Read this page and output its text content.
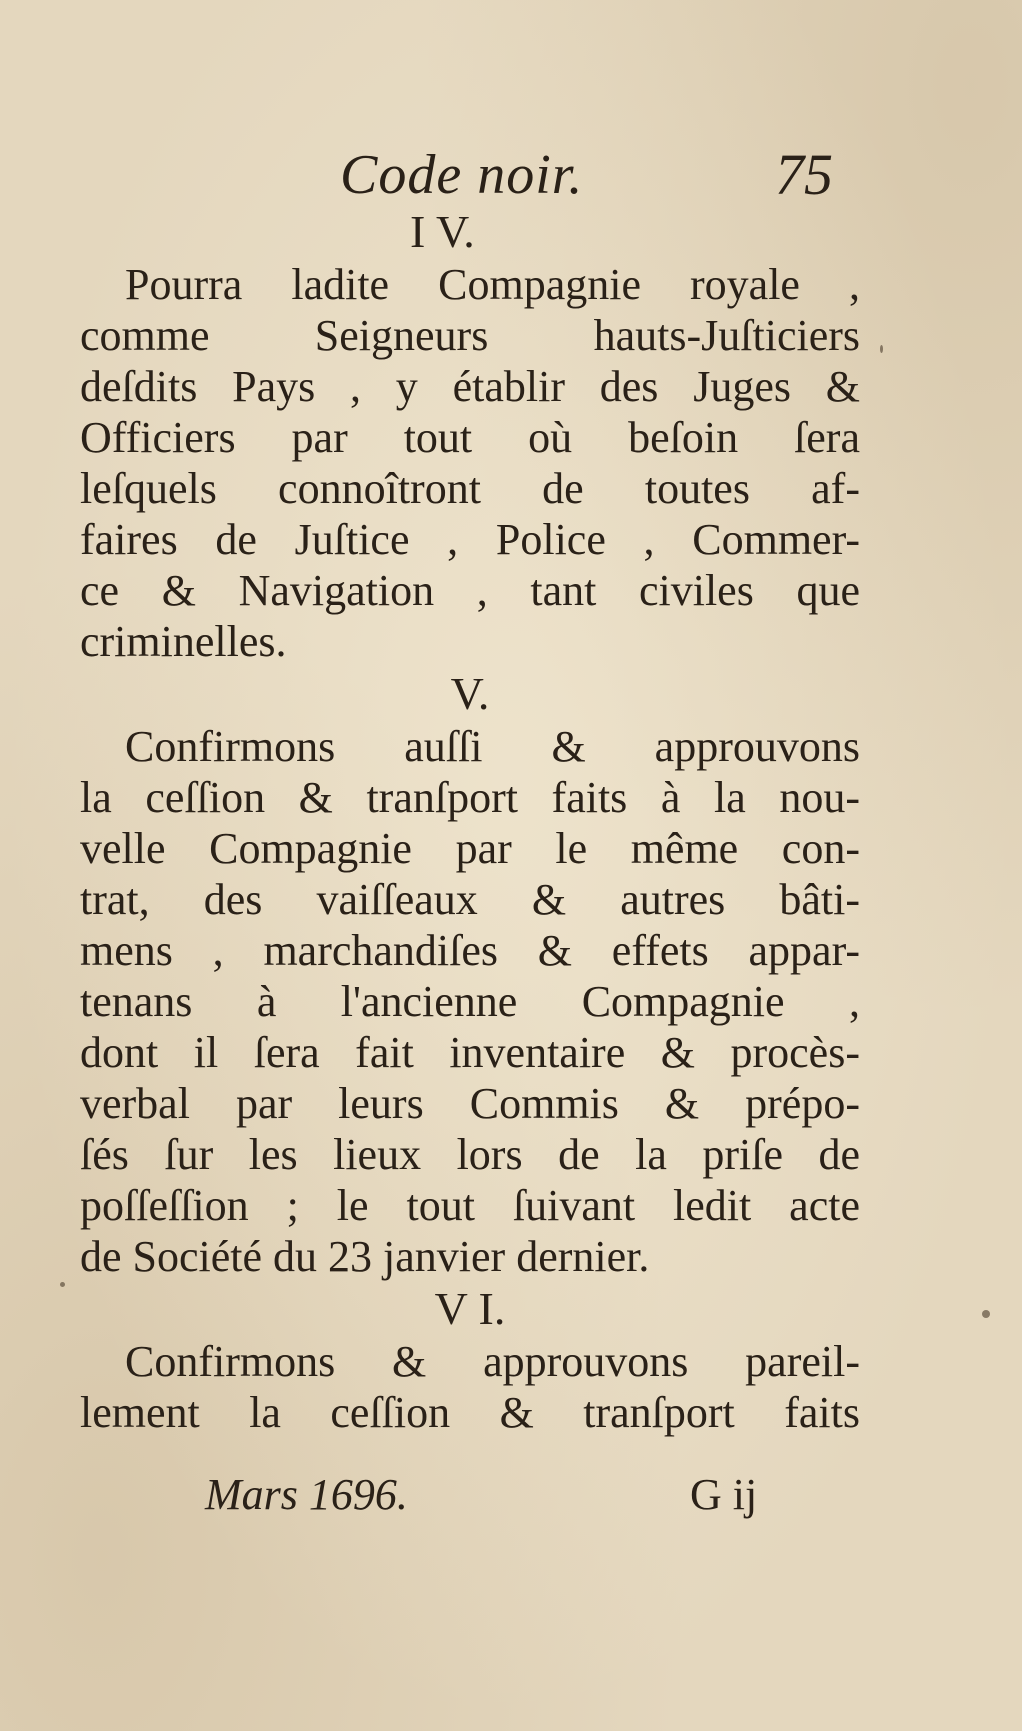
Code noir.	75

I V.

Pourra ladite Compagnie royale ,
comme Seigneurs hauts-Juſticiers
deſdits Pays , y établir des Juges &
Officiers par tout où beſoin ſera
leſquels connoîtront de toutes af-
faires de Juſtice , Police , Commer-
ce & Navigation , tant civiles que
criminelles.

V.

Confirmons auſſi & approuvons
la ceſſion & tranſport faits à la nou-
velle Compagnie par le même con-
trat, des vaiſſeaux & autres bâti-
mens , marchandiſes & effets appar-
tenans à l'ancienne Compagnie ,
dont il ſera fait inventaire & procès-
verbal par leurs Commis & prépo-
ſés ſur les lieux lors de la priſe de
poſſeſſion ; le tout ſuivant ledit acte
de Société du 23 janvier dernier.

V I.

Confirmons & approuvons pareil-
lement la ceſſion & tranſport faits
Mars 1696.	G ij
